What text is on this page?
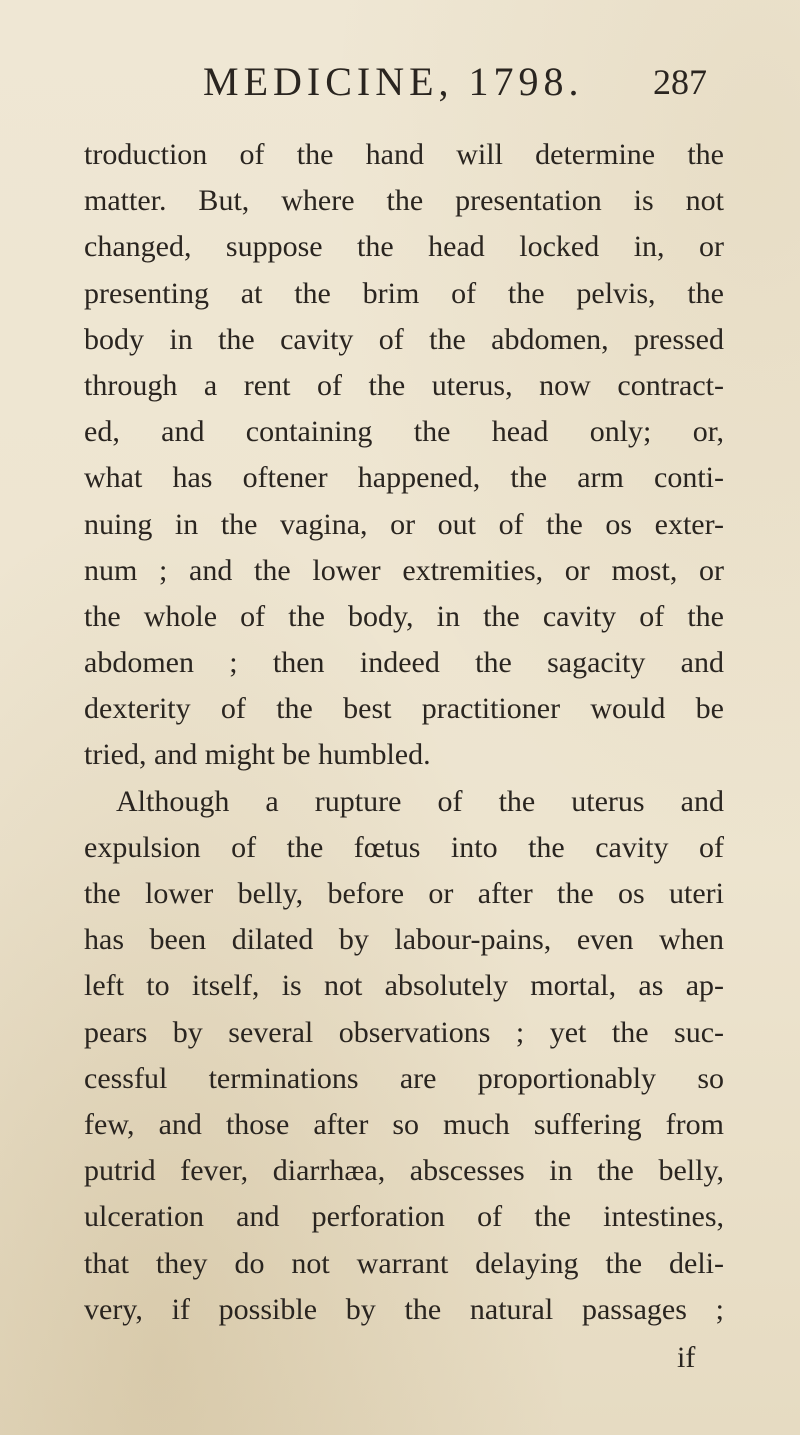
MEDICINE, 1798. 287
troduction of the hand will determine the
matter. But, where the presentation is not
changed, suppose the head locked in, or
presenting at the brim of the pelvis, the
body in the cavity of the abdomen, pressed
through a rent of the uterus, now contract-
ed, and containing the head only; or,
what has oftener happened, the arm conti-
nuing in the vagina, or out of the os exter-
num ; and the lower extremities, or most, or
the whole of the body, in the cavity of the
abdomen ; then indeed the sagacity and
dexterity of the best practitioner would be
tried, and might be humbled.
Although a rupture of the uterus and
expulsion of the fœtus into the cavity of
the lower belly, before or after the os uteri
has been dilated by labour-pains, even when
left to itself, is not absolutely mortal, as ap-
pears by several observations ; yet the suc-
cessful terminations are proportionably so
few, and those after so much suffering from
putrid fever, diarrhæa, abscesses in the belly,
ulceration and perforation of the intestines,
that they do not warrant delaying the deli-
very, if possible by the natural passages ;
if
